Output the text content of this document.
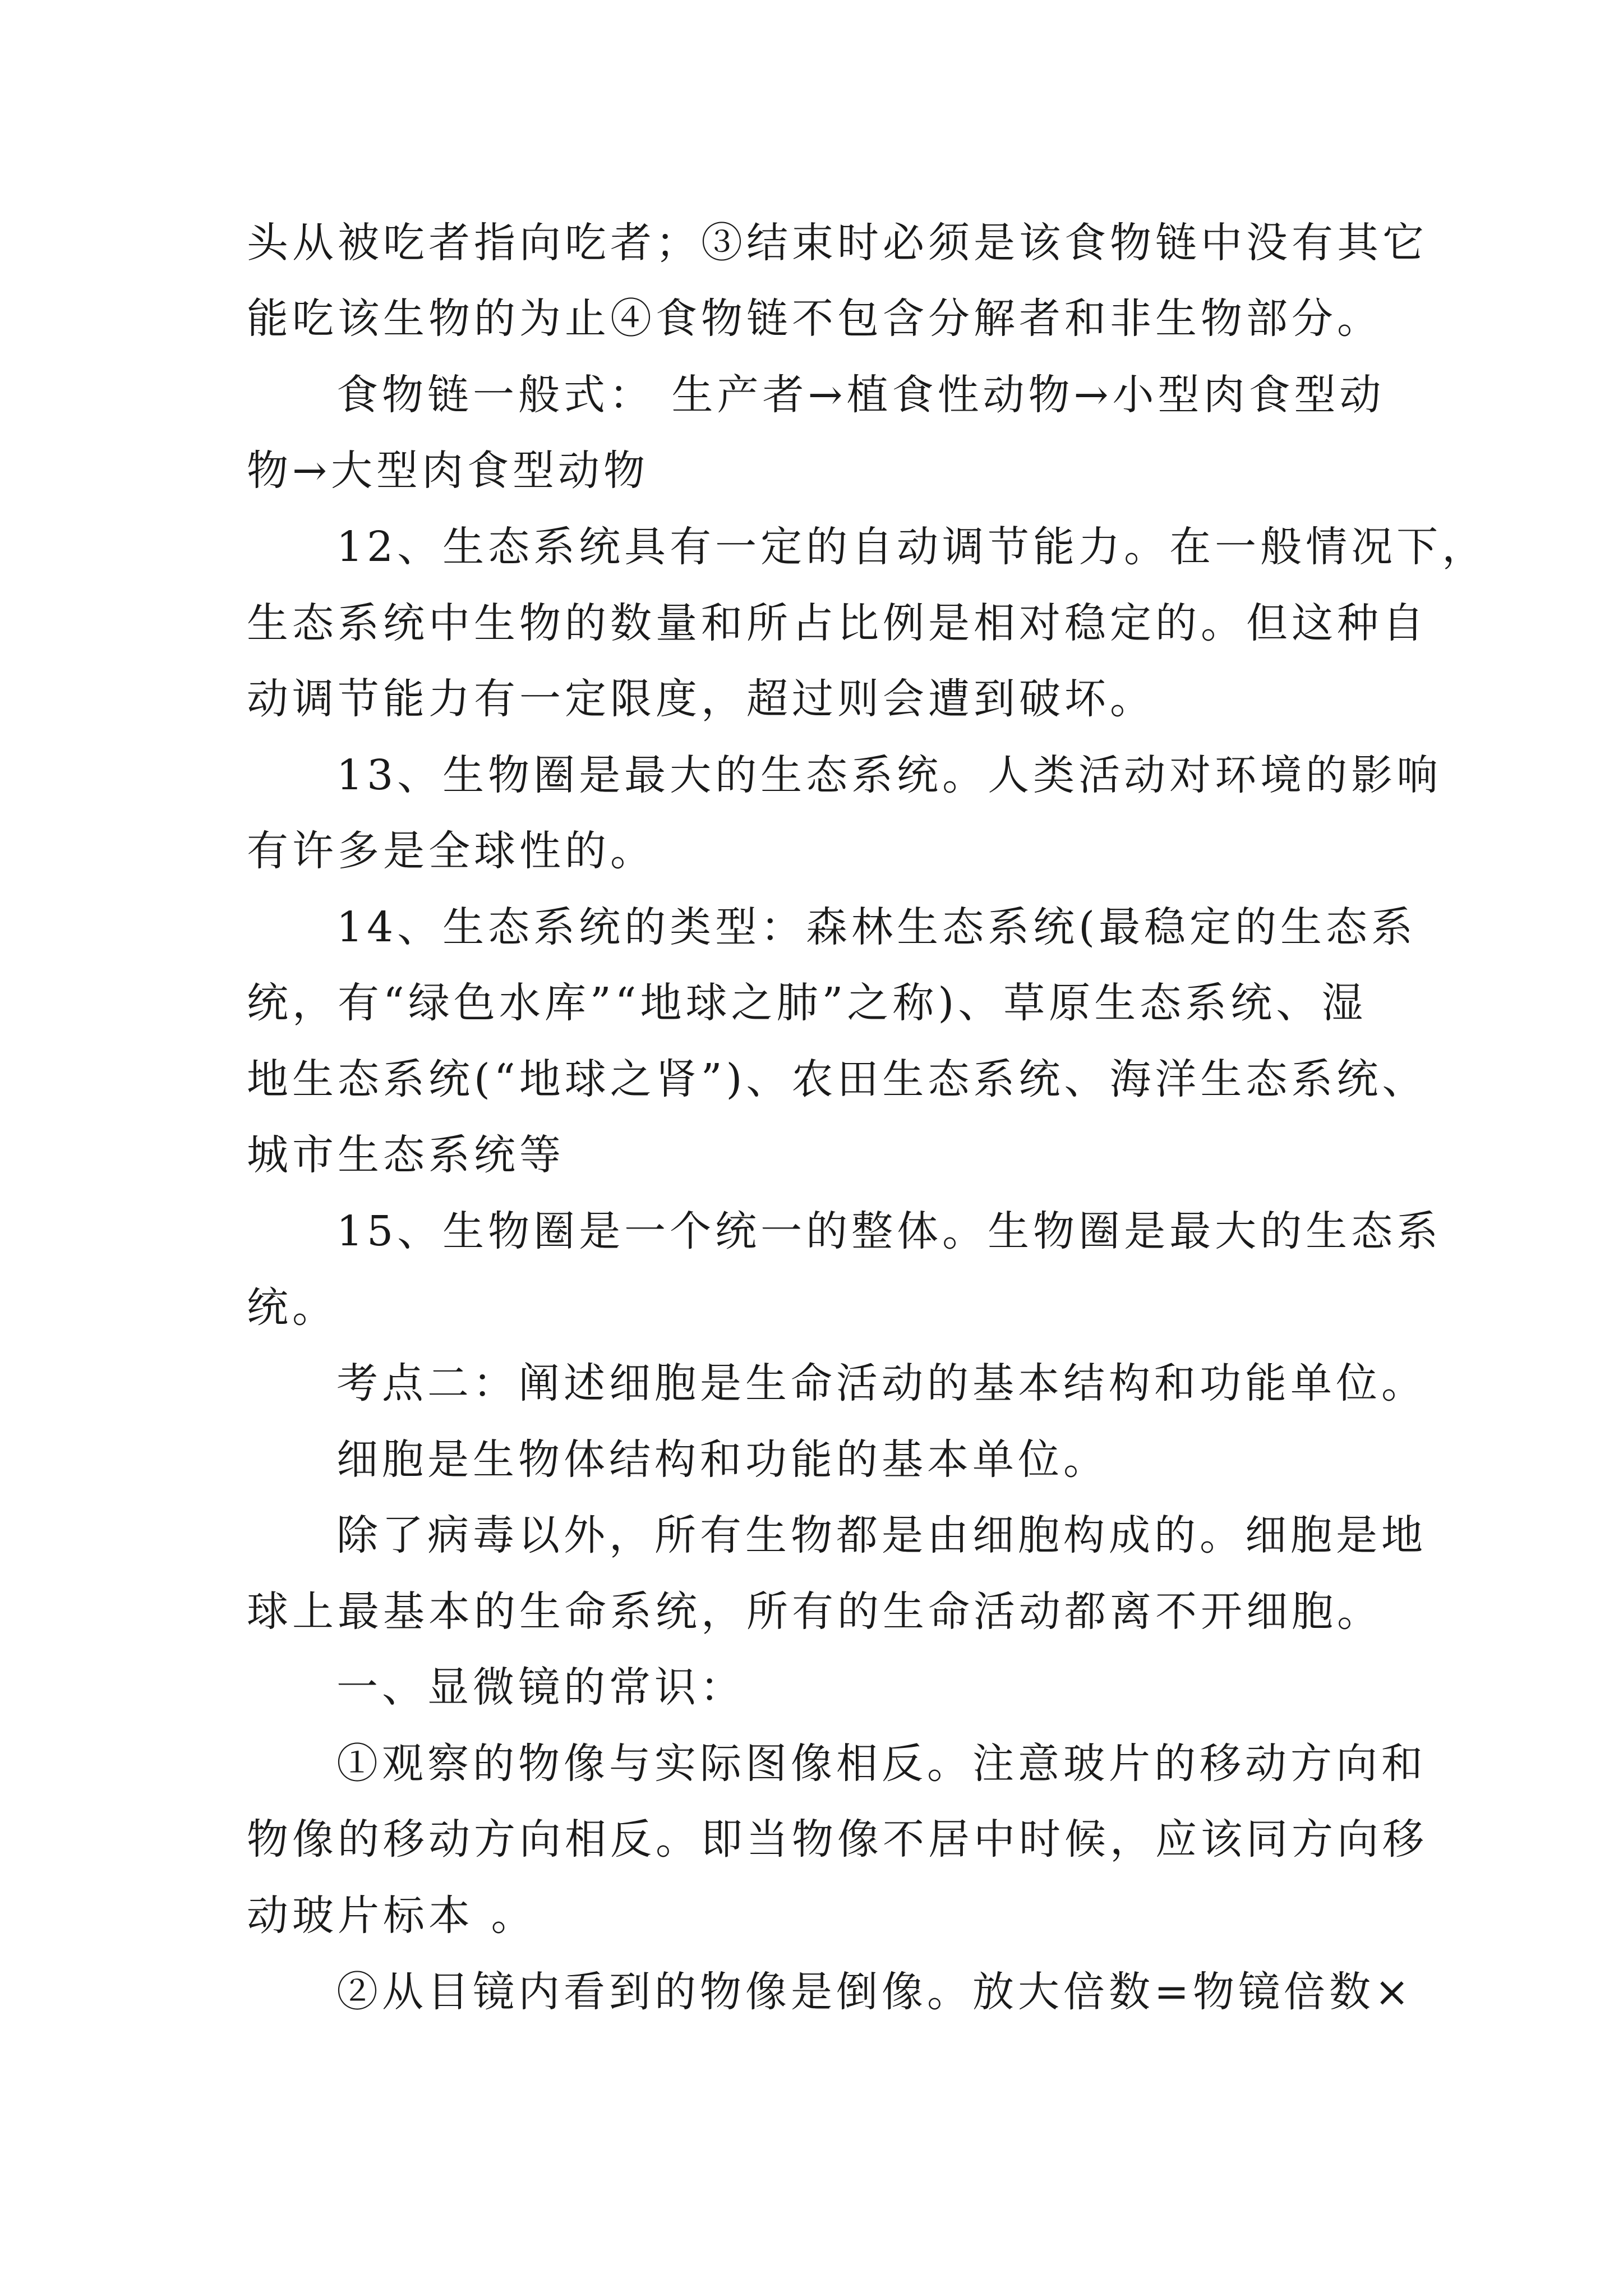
头从被吃者指向吃者；③结束时必须是该食物链中没有其它
能吃该生物的为止④食物链不包含分解者和非生物部分。
食物链一般式： 生产者→植食性动物→小型肉食型动
物→大型肉食型动物
12、生态系统具有一定的自动调节能力。在一般情况下，
生态系统中生物的数量和所占比例是相对稳定的。但这种自
动调节能力有一定限度，超过则会遭到破坏。
13、生物圈是最大的生态系统。人类活动对环境的影响
有许多是全球性的。
14、生态系统的类型：森林生态系统(最稳定的生态系
统，有“绿色水库”“地球之肺”之称)、草原生态系统、湿
地生态系统(“地球之肾”)、农田生态系统、海洋生态系统、
城市生态系统等
15、生物圈是一个统一的整体。生物圈是最大的生态系
统。
考点二：阐述细胞是生命活动的基本结构和功能单位。
细胞是生物体结构和功能的基本单位。
除了病毒以外，所有生物都是由细胞构成的。细胞是地
球上最基本的生命系统，所有的生命活动都离不开细胞。
一、显微镜的常识：
①观察的物像与实际图像相反。注意玻片的移动方向和
物像的移动方向相反。即当物像不居中时候，应该同方向移
动玻片标本 。
②从目镜内看到的物像是倒像。放大倍数=物镜倍数×
